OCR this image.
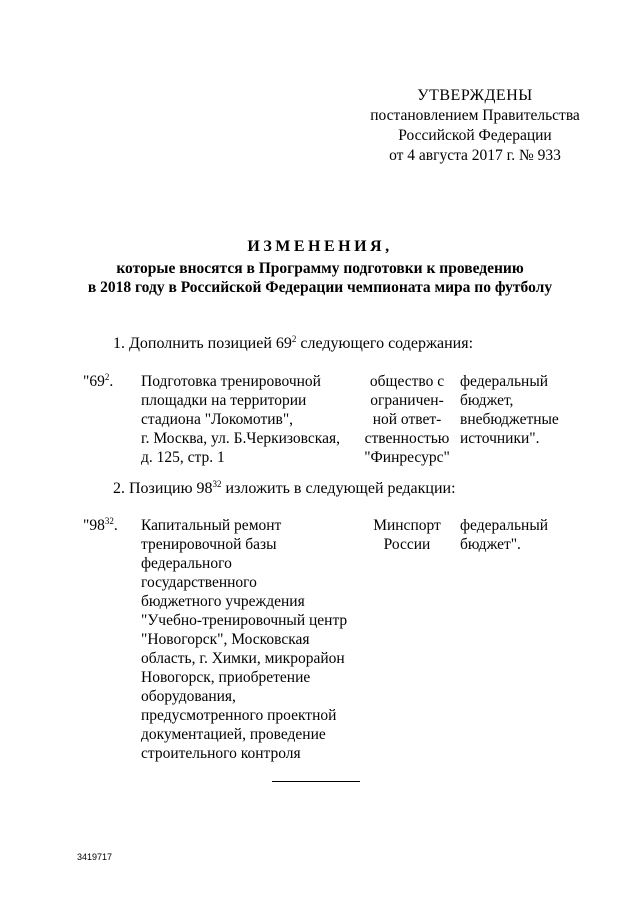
УТВЕРЖДЕНЫ
постановлением Правительства
Российской Федерации
от 4 августа 2017 г. № 933
ИЗМЕНЕНИЯ,
которые вносятся в Программу подготовки к проведению
в 2018 году в Российской Федерации чемпионата мира по футболу
1. Дополнить позицией $69^2$ следующего содержания:
"$69^2$. Подготовка тренировочной
площадки на территории
стадиона "Локомотив",
г. Москва, ул. Б.Черкизовская,
д. 125, стр. 1
общество с
ограничен-
ной ответ-
ственностью
"Финресурс"
федеральный
бюджет,
внебюджетные
источники".
2. Позицию $98^{32}$ изложить в следующей редакции:
"$98^{32}$. Капитальный ремонт
тренировочной базы
федерального государственного
бюджетного учреждения
"Учебно-тренировочный центр
"Новогорск", Московская
область, г. Химки, микрорайон
Новогорск, приобретение
оборудования,
предусмотренного проектной
документацией, проведение
строительного контроля
Минспорт
России
федеральный
бюджет".
3419717
